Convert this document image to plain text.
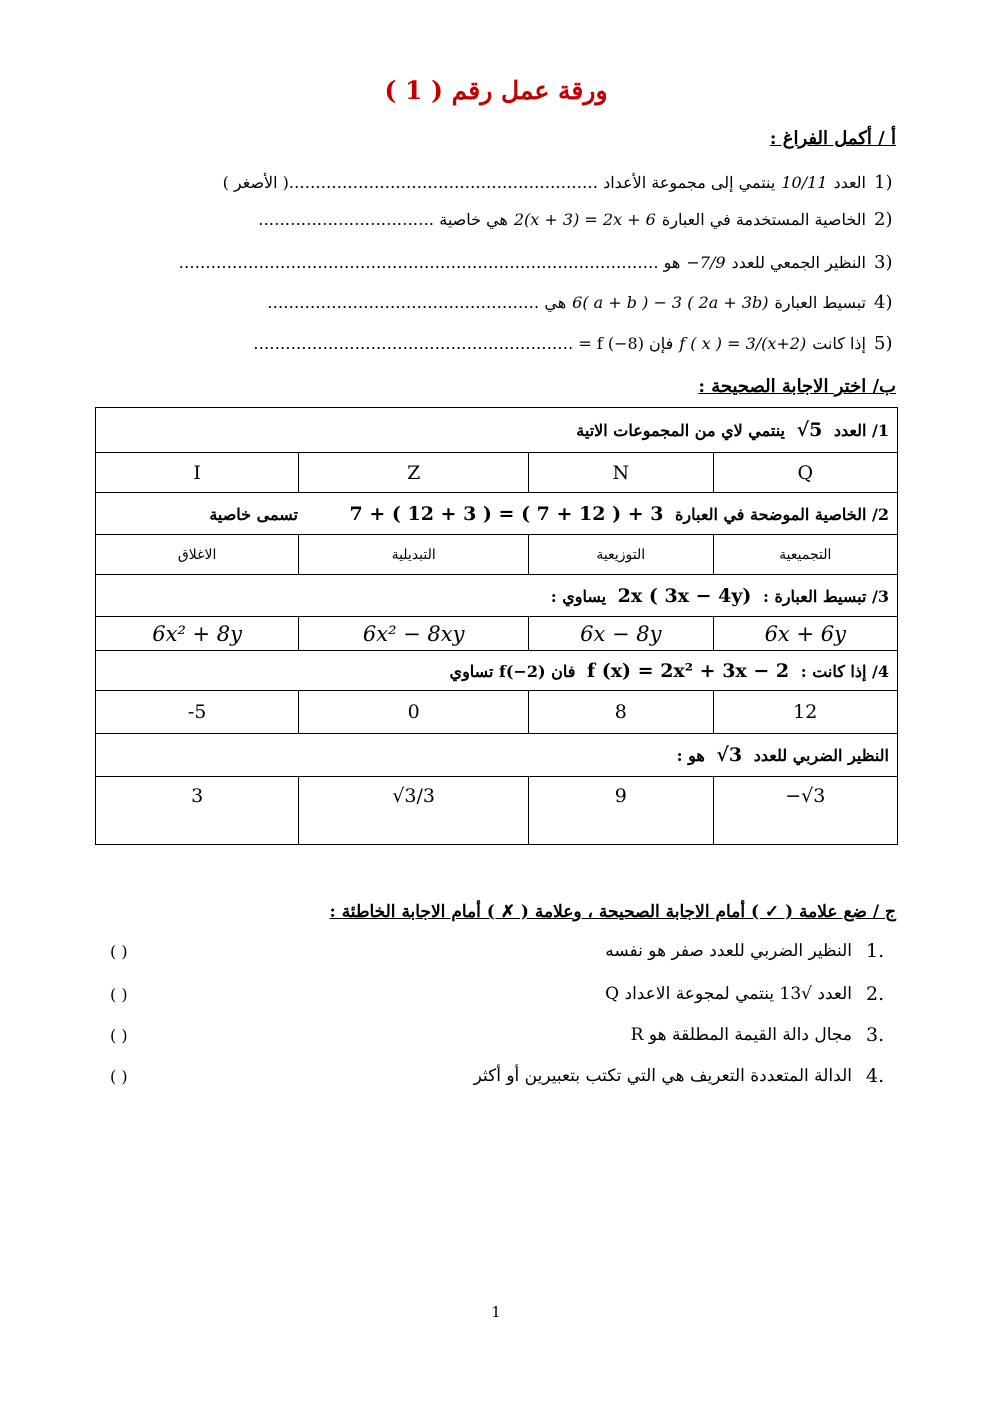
ورقة عمل رقم ( 1 )
أ / أكمل الفراغ :
1)
العدد
10/11
ينتمي إلى مجموعة الأعداد ………………………………………………….( الأصغر )
2)
الخاصية المستخدمة في العبارة
2(x + 3) = 2x + 6
هي خاصية ……………………………
3)
النظير الجمعي للعدد
−7/9
هو ………………………………………………………………………………
4)
تبسيط العبارة
6( a + b ) − 3 ( 2a + 3b)
هي ……………………………………………
5)
إذا كانت
f ( x ) = 3/(x+2)
فإن f (−8) = ……………………………………………………
ب/ اختر الاجابة الصحيحة :
1/ العدد √5 ينتمي لاي من المجموعات الاتية			
I	Z	N	Q
2/ الخاصية الموضحة في العبارة 7 + ( 12 + 3 ) = ( 7 + 12 ) + 3 تسمى خاصية			
الاغلاق	التبديلية	التوزيعية	التجميعية
3/ تبسيط العبارة : 2x ( 3x − 4y) يساوي :			
6x² + 8y	6x² − 8xy	6x − 8y	6x + 6y
4/ إذا كانت : f (x) = 2x² + 3x − 2 فان f(−2) تساوي			
-5	0	8	12
النظير الضربي للعدد √3 هو :			
3	√3/3	9	−√3
ج / ضع علامة ( ✓ ) أمام الاجابة الصحيحة ، وعلامة ( ✗ ) أمام الاجابة الخاطئة :
1.
النظير الضربي للعدد صفر هو نفسه
( )
2.
العدد √13 ينتمي لمجوعة الاعداد Q
( )
3.
مجال دالة القيمة المطلقة هو R
( )
4.
الدالة المتعددة التعريف هي التي تكتب بتعبيرين أو أكثر
( )
1
